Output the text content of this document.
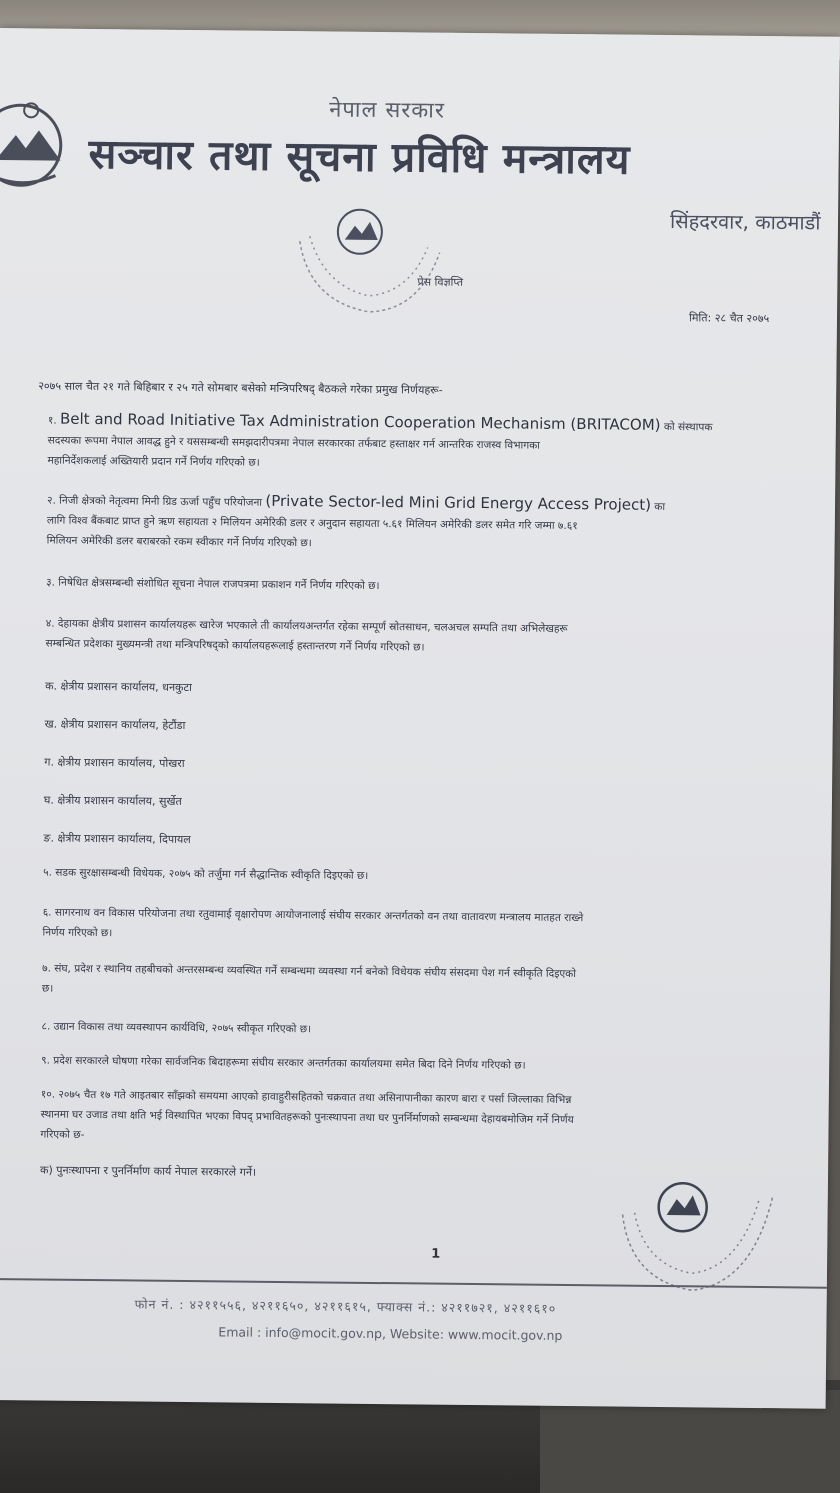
नेपाल सरकार
सञ्चार तथा सूचना प्रविधि मन्त्रालय
सिंहदरवार, काठमाडौं
प्रेस विज्ञप्ति
मिति: २८ चैत २०७५
२०७५ साल चैत २१ गते बिहिबार र २५ गते सोमबार बसेको मन्त्रिपरिषद् बैठकले गरेका प्रमुख निर्णयहरू-
१. Belt and Road Initiative Tax Administration Cooperation Mechanism (BRITACOM) को संस्थापक
सदस्यका रूपमा नेपाल आवद्ध हुने र यससम्बन्धी समझदारीपत्रमा नेपाल सरकारका तर्फबाट हस्ताक्षर गर्न आन्तरिक राजस्व विभागका
महानिर्देशकलाई अख्तियारी प्रदान गर्ने निर्णय गरिएको छ।
२. निजी क्षेत्रको नेतृत्वमा मिनी ग्रिड ऊर्जा पहुँच परियोजना (Private Sector-led Mini Grid Energy Access Project) का
लागि विश्व बैंकबाट प्राप्त हुने ऋण सहायता २ मिलियन अमेरिकी डलर र अनुदान सहायता ५.६१ मिलियन अमेरिकी डलर समेत गरि जम्मा ७.६१
मिलियन अमेरिकी डलर बराबरको रकम स्वीकार गर्ने निर्णय गरिएको छ।
३. निषेधित क्षेत्रसम्बन्धी संशोधित सूचना नेपाल राजपत्रमा प्रकाशन गर्ने निर्णय गरिएको छ।
४. देहायका क्षेत्रीय प्रशासन कार्यालयहरू खारेज भएकाले ती कार्यालयअन्तर्गत रहेका सम्पूर्ण स्रोतसाधन, चलअचल सम्पति तथा अभिलेखहरू
सम्बन्धित प्रदेशका मुख्यमन्त्री तथा मन्त्रिपरिषद्को कार्यालयहरूलाई हस्तान्तरण गर्ने निर्णय गरिएको छ।
क. क्षेत्रीय प्रशासन कार्यालय, धनकुटा
ख. क्षेत्रीय प्रशासन कार्यालय, हेटौंडा
ग. क्षेत्रीय प्रशासन कार्यालय, पोखरा
घ. क्षेत्रीय प्रशासन कार्यालय, सुर्खेत
ङ. क्षेत्रीय प्रशासन कार्यालय, दिपायल
५. सडक सुरक्षासम्बन्धी विधेयक, २०७५ को तर्जुमा गर्न सैद्धान्तिक स्वीकृति दिइएको छ।
६. सागरनाथ वन विकास परियोजना तथा रतुवामाई वृक्षारोपण आयोजनालाई संघीय सरकार अन्तर्गतको वन तथा वातावरण मन्त्रालय मातहत राख्ने
निर्णय गरिएको छ।
७. संघ, प्रदेश र स्थानिय तहबीचको अन्तरसम्बन्ध व्यवस्थित गर्ने सम्बन्धमा व्यवस्था गर्न बनेको विधेयक संघीय संसदमा पेश गर्न स्वीकृति दिइएको
छ।
८. उद्यान विकास तथा व्यवस्थापन कार्यविधि, २०७५ स्वीकृत गरिएको छ।
९. प्रदेश सरकारले घोषणा गरेका सार्वजनिक बिदाहरूमा संघीय सरकार अन्तर्गतका कार्यालयमा समेत बिदा दिने निर्णय गरिएको छ।
१०. २०७५ चैत १७ गते आइतबार साँझको समयमा आएको हावाहुरीसहितको चक्रवात तथा असिनापानीका कारण बारा र पर्सा जिल्लाका विभिन्न
स्थानमा घर उजाड तथा क्षति भई विस्थापित भएका विपद् प्रभावितहरूको पुनःस्थापना तथा घर पुनर्निर्माणको सम्बन्धमा देहायबमोजिम गर्ने निर्णय
गरिएको छ-
क) पुनःस्थापना र पुनर्निर्माण कार्य नेपाल सरकारले गर्ने।
1
फोन नं. : ४२११५५६, ४२११६५०, ४२११६१५, फ्याक्स नं.: ४२११७२१, ४२११६१०
Email : info@mocit.gov.np, Website: www.mocit.gov.np
